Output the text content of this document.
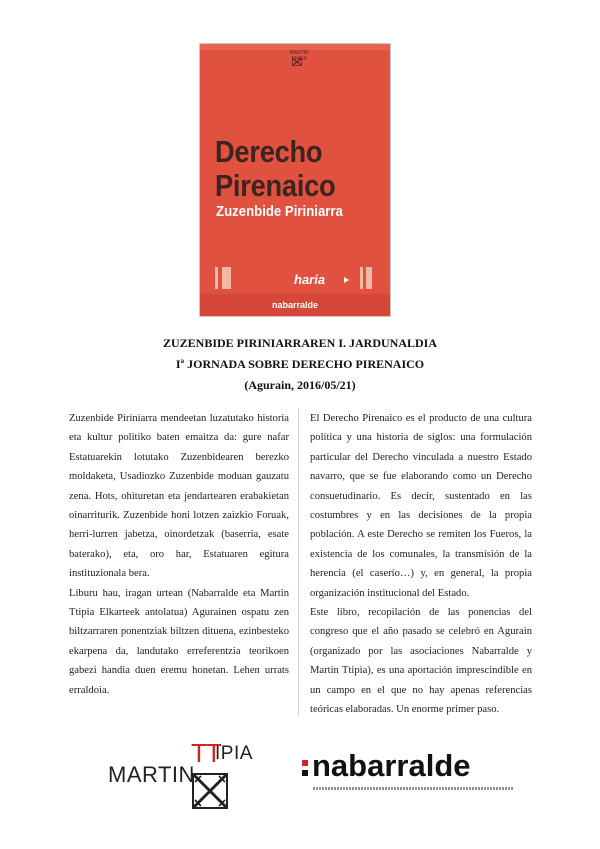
MARTIN TTIPIA
Derecho
Pirenaico
Zuzenbide Piriniarra
haria
nabarralde
ZUZENBIDE PIRINIARRAREN I. JARDUNALDIA
Iª JORNADA SOBRE DERECHO PIRENAICO
(Agurain, 2016/05/21)

Zuzenbide Piriniarra mendeetan luzatutako historia eta kultur politiko baten emaitza da: gure nafar Estatuarekin lotutako Zuzenbidearen berezko moldaketa, Usadiozko Zuzenbide moduan gauzatu zena. Hots, ohituretan eta jendartearen erabakietan oinarriturik. Zuzenbide honi lotzen zaizkio Foruak, herri-lurren jabetza, oinordetzak (baserria, esate baterako), eta, oro har, Estatuaren egitura instituzionala bera.

Liburu hau, iragan urtean (Nabarralde eta Martin Ttipia Elkarteek antolatua) Agurainen ospatu zen biltzarraren ponentziak biltzen dituena, ezinbesteko ekarpena da, landutako erreferentzia teorikoen gabezi handia duen eremu honetan. Lehen urrats erraldoia.

El Derecho Pirenaico es el producto de una cultura política y una historia de siglos: una formulación particular del Derecho vinculada a nuestro Estado navarro, que se fue elaborando como un Derecho consuetudinario. Es decir, sustentado en las costumbres y en las decisiones de la propia población. A este Derecho se remiten los Fueros, la existencia de los comunales, la transmisión de la herencia (el caserío…) y, en general, la propia organización institucional del Estado.

Este libro, recopilación de las ponencias del congreso que el año pasado se celebró en Agurain (organizado por las asociaciones Nabarralde y Martin Ttipia), es una aportación imprescindible en un campo en el que no hay apenas referencias teóricas elaboradas. Un enorme primer paso.

TT
IPIA
MARTIN	nabarralde
